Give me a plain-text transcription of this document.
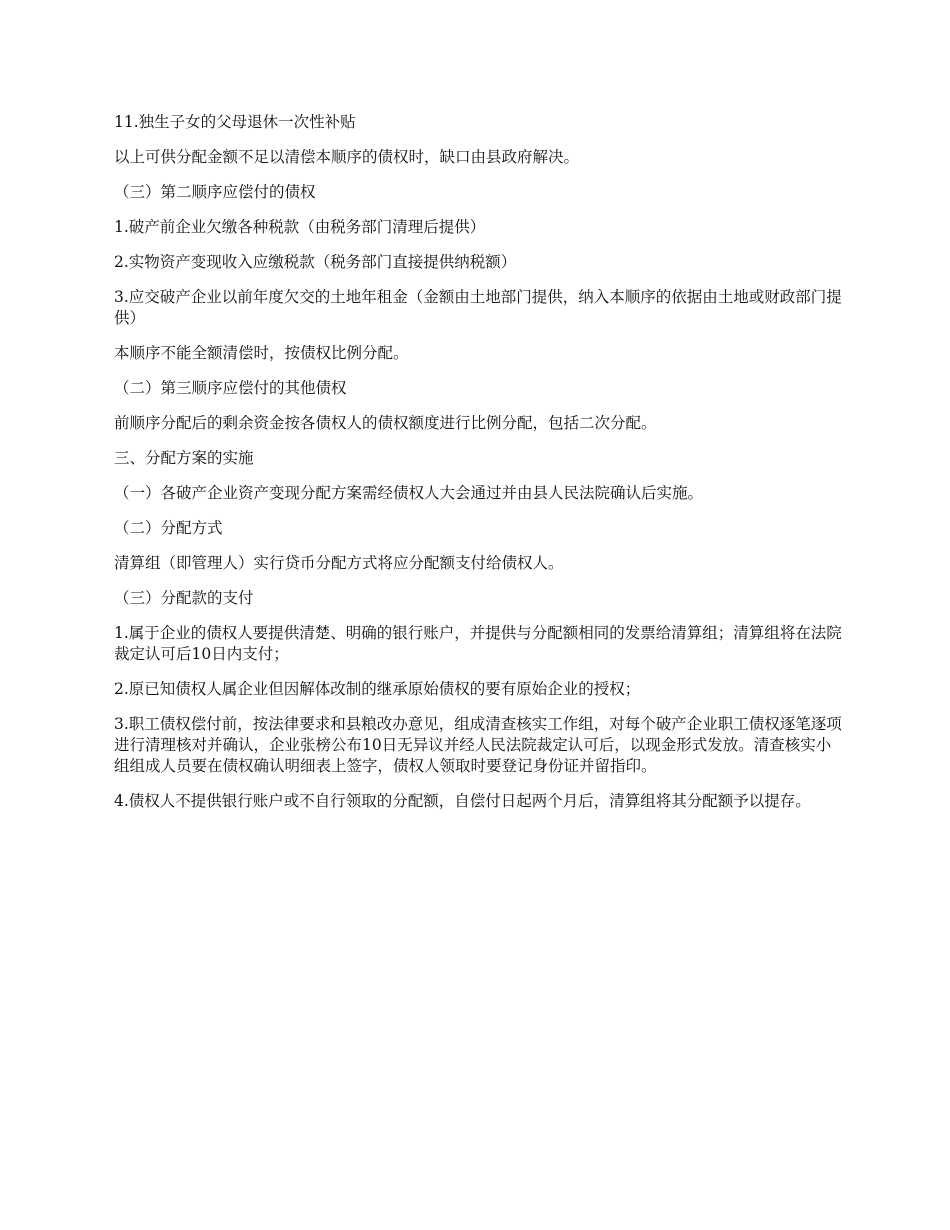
11.独生子女的父母退休一次性补贴

以上可供分配金额不足以清偿本顺序的债权时，缺口由县政府解决。

（三）第二顺序应偿付的债权

1.破产前企业欠缴各种税款（由税务部门清理后提供）

2.实物资产变现收入应缴税款（税务部门直接提供纳税额）

3.应交破产企业以前年度欠交的土地年租金（金额由土地部门提供，纳入本顺序的依据由土地或财政部门提供）

本顺序不能全额清偿时，按债权比例分配。

（二）第三顺序应偿付的其他债权

前顺序分配后的剩余资金按各债权人的债权额度进行比例分配，包括二次分配。

三、分配方案的实施

（一）各破产企业资产变现分配方案需经债权人大会通过并由县人民法院确认后实施。

（二）分配方式

清算组（即管理人）实行贷币分配方式将应分配额支付给债权人。

（三）分配款的支付

1.属于企业的债权人要提供清楚、明确的银行账户，并提供与分配额相同的发票给清算组；清算组将在法院裁定认可后10日内支付；

2.原已知债权人属企业但因解体改制的继承原始债权的要有原始企业的授权；

3.职工债权偿付前，按法律要求和县粮改办意见，组成清查核实工作组，对每个破产企业职工债权逐笔逐项进行清理核对并确认，企业张榜公布10日无异议并经人民法院裁定认可后，以现金形式发放。清查核实小组组成人员要在债权确认明细表上签字，债权人领取时要登记身份证并留指印。

4.债权人不提供银行账户或不自行领取的分配额，自偿付日起两个月后，清算组将其分配额予以提存。
